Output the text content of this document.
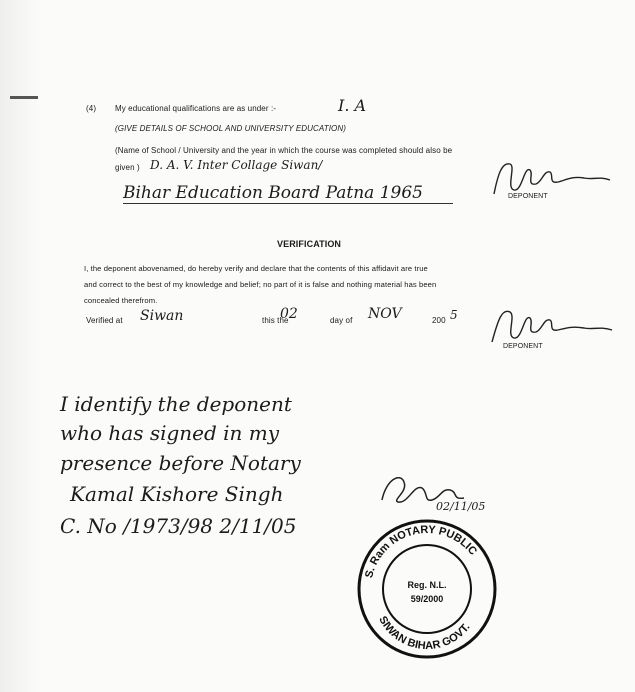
(4) My educational qualifications are as under :-	I. A
(GIVE DETAILS OF SCHOOL AND UNIVERSITY EDUCATION)
(Name of School / University and the year in which the course was completed should also be
given ) D. A. V. Inter Collage Siwan/
Bihar Education Board Patna 1965	DEPONENT
VERIFICATION
I, the deponent abovenamed, do hereby verify and declare that the contents of this affidavit are true
and correct to the best of my knowledge and belief; no part of it is false and nothing material has been
concealed therefrom.
Verified at Siwan	this the
02	day of NOV	200 5
DEPONENT
I identify the deponent
who has signed in my
presence before Notary
Kamal Kishore Singh
C. No /1973/98 2/11/05
02/11/05
S. Ram NOTARY PUBLIC
SIWAN BIHAR GOVT.
Reg. N.L.
59/2000
